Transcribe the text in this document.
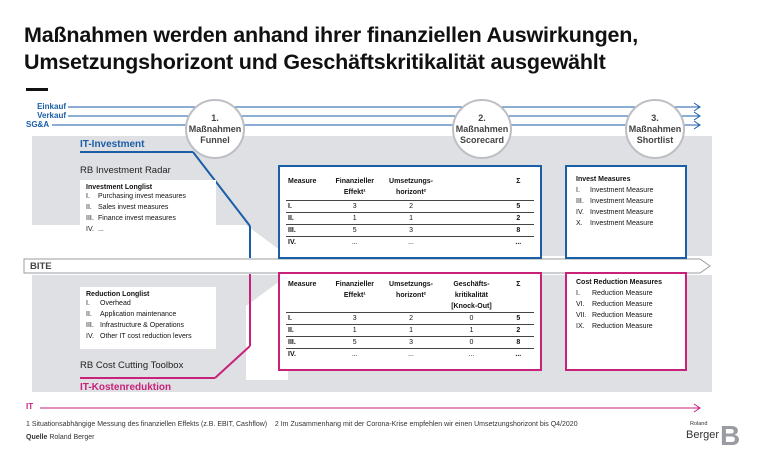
Maßnahmen werden anhand ihrer finanziellen Auswirkungen,
Umsetzungshorizont und Geschäftskritikalität ausgewählt
Einkauf
Verkauf
SG&A
1.
Maßnahmen
Funnel
2.
Maßnahmen
Scorecard
3.
Maßnahmen
Shortlist
IT-Investment
RB Investment Radar
Investment Longlist
I. Purchasing invest measures
II. Sales invest measures
III. Finance invest measures
IV. ...
Measure	Finanzieller Effekt¹	Umsetzungs-horizont²		Σ
I.	3	2		5
II.	1	1		2
III.	5	3		8
IV.	...	...		...
Invest Measures
I. Investment Measure
III. Investment Measure
IV. Investment Measure
X. Investment Measure
BITE
Reduction Longlist
I. Overhead
II. Application maintenance
III. Infrastructure & Operations
IV. Other IT cost reduction levers
RB Cost Cutting Toolbox
IT-Kostenreduktion
Measure	Finanzieller Effekt¹	Umsetzungs-horizont²	Geschäfts-kritikalität [Knock-Out]	Σ
I.	3	2	0	5
II.	1	1	1	2
III.	5	3	0	8
IV.	...	...	...	...
Cost Reduction Measures
I. Reduction Measure
VI. Reduction Measure
VII. Reduction Measure
IX. Reduction Measure
IT
1 Situationsabhängige Messung des finanziellen Effekts (z.B. EBIT, Cashflow)    2 Im Zusammenhang mit der Corona-Krise empfehlen wir einen Umsetzungshorizont bis Q4/2020
Quelle Roland Berger
Roland
Berger B
